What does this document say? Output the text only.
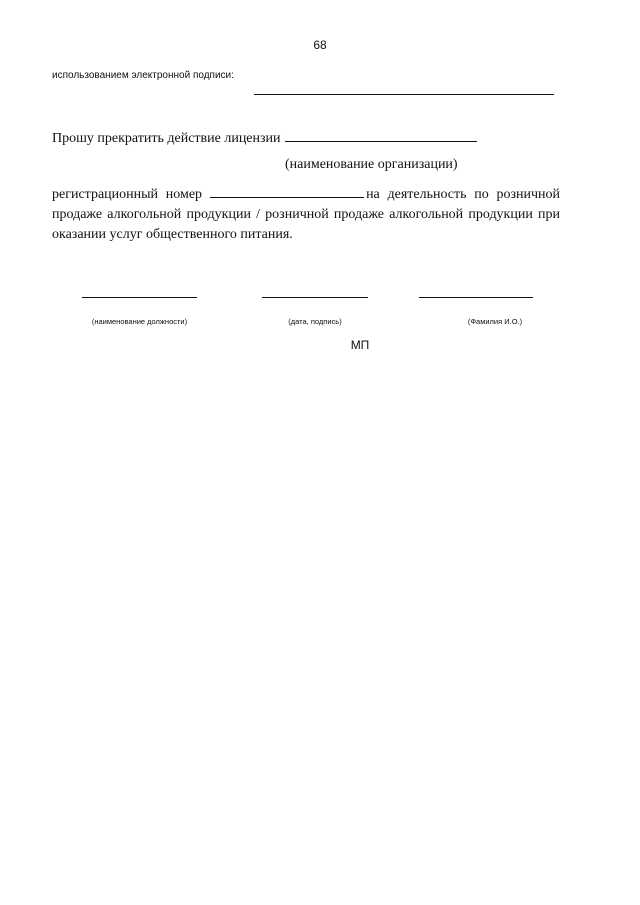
68
использованием электронной подписи:
Прошу прекратить действие лицензии
(наименование организации)
регистрационный номер	на деятельность по розничной продаже алкогольной продукции / розничной продаже алкогольной продукции при оказании услуг общественного питания.
(наименование должности)	(дата, подпись)	(Фамилия И.О.)
МП
